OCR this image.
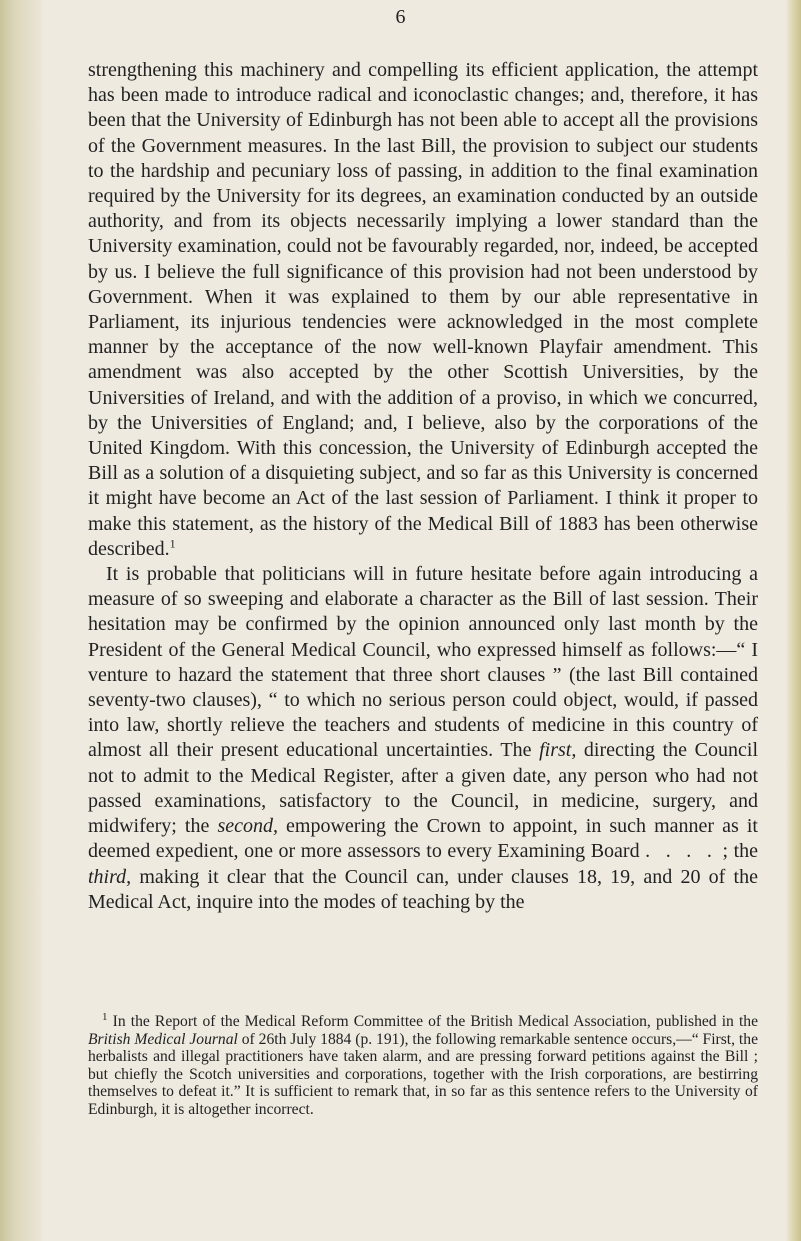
6

strengthening this machinery and compelling its efficient application, the attempt has been made to introduce radical and iconoclastic changes; and, therefore, it has been that the University of Edinburgh has not been able to accept all the provisions of the Government measures. In the last Bill, the provision to subject our students to the hardship and pecuniary loss of passing, in addition to the final examination required by the University for its degrees, an examination conducted by an outside authority, and from its objects necessarily implying a lower standard than the University examination, could not be favourably regarded, nor, indeed, be accepted by us. I believe the full significance of this provision had not been understood by Government. When it was explained to them by our able representative in Parliament, its injurious tendencies were acknowledged in the most complete manner by the acceptance of the now well-known Playfair amendment. This amendment was also accepted by the other Scottish Universities, by the Universities of Ireland, and with the addition of a proviso, in which we concurred, by the Universities of England; and, I believe, also by the corporations of the United Kingdom. With this concession, the University of Edinburgh accepted the Bill as a solution of a disquieting subject, and so far as this University is concerned it might have become an Act of the last session of Parliament. I think it proper to make this statement, as the history of the Medical Bill of 1883 has been otherwise described.$^1$

It is probable that politicians will in future hesitate before again introducing a measure of so sweeping and elaborate a character as the Bill of last session. Their hesitation may be confirmed by the opinion announced only last month by the President of the General Medical Council, who expressed himself as follows:—“ I venture to hazard the statement that three short clauses ” (the last Bill contained seventy-two clauses), “ to which no serious person could object, would, if passed into law, shortly relieve the teachers and students of medicine in this country of almost all their present educational uncertainties. The first, directing the Council not to admit to the Medical Register, after a given date, any person who had not passed examinations, satisfactory to the Council, in medicine, surgery, and midwifery; the second, empowering the Crown to appoint, in such manner as it deemed expedient, one or more assessors to every Examining Board . . . . ; the third, making it clear that the Council can, under clauses 18, 19, and 20 of the Medical Act, inquire into the modes of teaching by the

$^1$ In the Report of the Medical Reform Committee of the British Medical Association, published in the British Medical Journal of 26th July 1884 (p. 191), the following remarkable sentence occurs,—“ First, the herbalists and illegal practitioners have taken alarm, and are pressing forward petitions against the Bill ; but chiefly the Scotch universities and corporations, together with the Irish corporations, are bestirring themselves to defeat it.” It is sufficient to remark that, in so far as this sentence refers to the University of Edinburgh, it is altogether incorrect.
